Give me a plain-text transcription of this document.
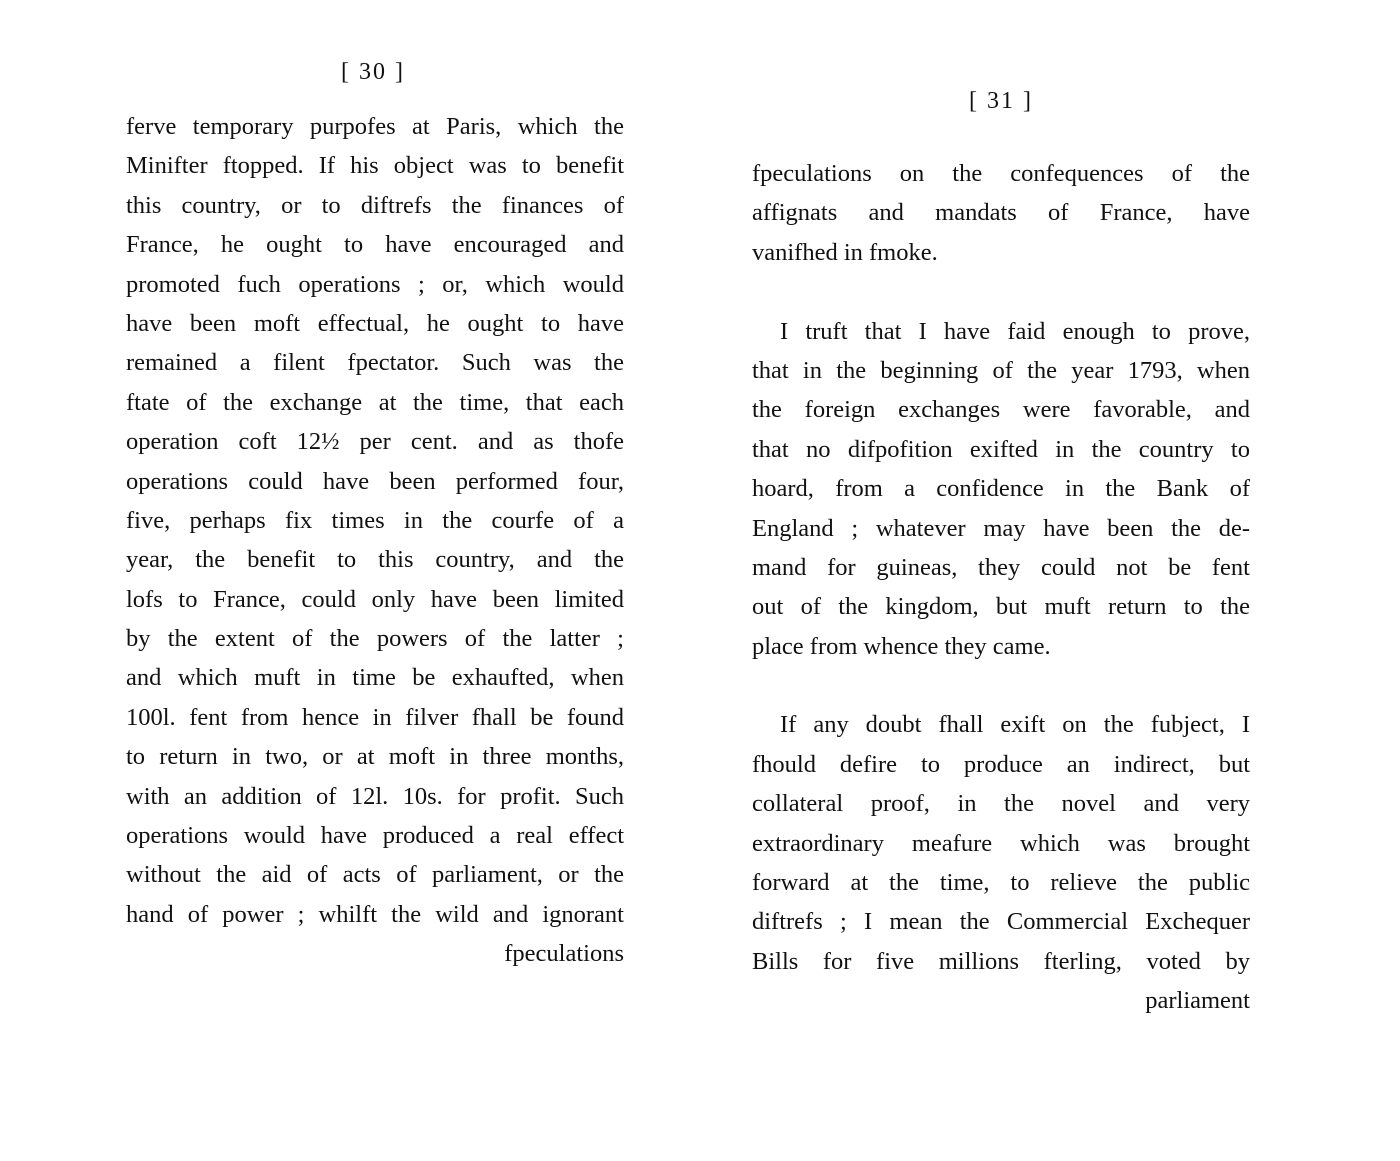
[ 30 ]
ferve temporary purpofes at Paris, which the
Minifter ftopped. If his object was to benefit
this country, or to diftrefs the finances of
France, he ought to have encouraged and
promoted fuch operations ; or, which would
have been moft effectual, he ought to have
remained a filent fpectator. Such was the
ftate of the exchange at the time, that each
operation coft 12½ per cent. and as thofe
operations could have been performed four,
five, perhaps fix times in the courfe of a
year, the benefit to this country, and the
lofs to France, could only have been limited
by the extent of the powers of the latter ;
and which muft in time be exhaufted, when
100l. fent from hence in filver fhall be found
to return in two, or at moft in three months,
with an addition of 12l. 10s. for profit. Such
operations would have produced a real effect
without the aid of acts of parliament, or the
hand of power ; whilft the wild and ignorant
fpeculations
[ 31 ]
fpeculations on the confequences of the
affignats and mandats of France, have
vanifhed in fmoke.
I truft that I have faid enough to prove,
that in the beginning of the year 1793, when
the foreign exchanges were favorable, and
that no difpofition exifted in the country to
hoard, from a confidence in the Bank of
England ; whatever may have been the de-
mand for guineas, they could not be fent
out of the kingdom, but muft return to the
place from whence they came.
If any doubt fhall exift on the fubject, I
fhould defire to produce an indirect, but
collateral proof, in the novel and very
extraordinary meafure which was brought
forward at the time, to relieve the public
diftrefs ; I mean the Commercial Exchequer
Bills for five millions fterling, voted by
parliament
